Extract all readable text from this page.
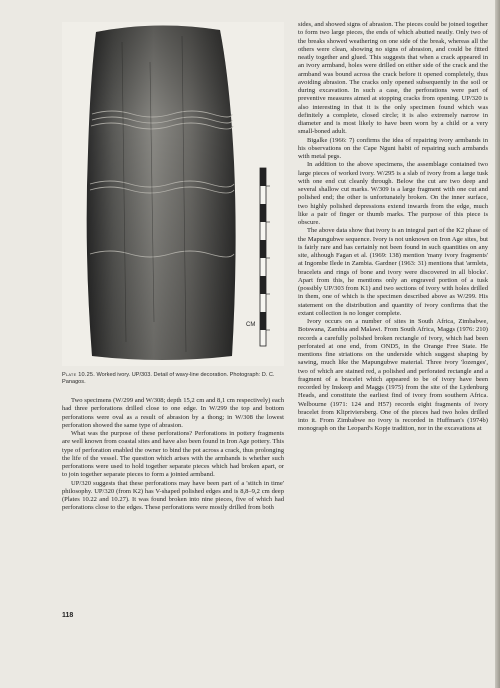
CM
Plate 10.25. Worked ivory. UP/303. Detail of wavy-line decoration. Photograph: D. C. Panagos.

Two specimens (W/299 and W/308; depth 15,2 cm and 8,1 cm respectively) each had three perforations drilled close to one edge. In W/299 the top and bottom perforations were oval as a result of abrasion by a thong; in W/308 the lowest perforation showed the same type of abrasion.

What was the purpose of these perforations? Perforations in pottery fragments are well known from coastal sites and have also been found in Iron Age pottery. This type of perforation enabled the owner to bind the pot across a crack, thus prolonging the life of the vessel. The question which arises with the armbands is whether such perforations were used to hold together separate pieces which had broken apart, or to join together separate pieces to form a jointed armband.

UP/320 suggests that these perforations may have been part of a 'stitch in time' philosophy. UP/320 (from K2) has V-shaped polished edges and is 8,8–9,2 cm deep (Plates 10.22 and 10.27). It was found broken into nine pieces, five of which had perforations close to the edges. These perforations were mostly drilled from both

sides, and showed signs of abrasion. The pieces could be joined together to form two large pieces, the ends of which abutted neatly. Only two of the breaks showed weathering on one side of the break, whereas all the others were clean, showing no signs of abrasion, and could be fitted neatly together and glued. This suggests that when a crack appeared in an ivory armband, holes were drilled on either side of the crack and the armband was bound across the crack before it opened completely, thus avoiding abrasion. The cracks only opened subsequently in the soil or during excavation. In such a case, the perforations were part of preventive measures aimed at stopping cracks from opening. UP/320 is also interesting in that it is the only specimen found which was definitely a complete, closed circle; it is also extremely narrow in diameter and is most likely to have been worn by a child or a very small-boned adult.

Bigalke (1966: 7) confirms the idea of repairing ivory armbands in his observations on the Cape Nguni habit of repairing such armbands with metal pegs.

In addition to the above specimens, the assemblage contained two large pieces of worked ivory. W/295 is a slab of ivory from a large tusk with one end cut cleanly through. Below the cut are two deep and several shallow cut marks. W/309 is a large fragment with one cut and polished end; the other is unfortunately broken. On the inner surface, two highly polished depressions extend inwards from the edge, much like a pair of finger or thumb marks. The purpose of this piece is obscure.

The above data show that ivory is an integral part of the K2 phase of the Mapungubwe sequence. Ivory is not unknown on Iron Age sites, but is fairly rare and has certainly not been found in such quantities on any site, although Fagan et al. (1969: 138) mention 'many ivory fragments' at Ingombe Ilede in Zambia. Gardner (1963: 31) mentions that 'armlets, bracelets and rings of bone and ivory were discovered in all blocks'. Apart from this, he mentions only an engraved portion of a tusk (possibly UP/303 from K1) and two sections of ivory with holes drilled in them, one of which is the specimen described above as W/299. His statement on the distribution and quantity of ivory confirms that the extant collection is no longer complete.

Ivory occurs on a number of sites in South Africa, Zimbabwe, Botswana, Zambia and Malawi. From South Africa, Maggs (1976: 210) records a carefully polished broken rectangle of ivory, which had been perforated at one end, from OND5, in the Orange Free State. He mentions fine striations on the underside which suggest shaping by sawing, much like the Mapungubwe material. Three ivory 'lozenges', two of which are stained red, a polished and perforated rectangle and a fragment of a bracelet which appeared to be of ivory have been recorded by Inskeep and Maggs (1975) from the site of the Lydenburg Heads, and constitute the earliest find of ivory from southern Africa. Welbourne (1971: 124 and H57) records eight fragments of ivory bracelet from Klipriviersberg. One of the pieces had two holes drilled into it. From Zimbabwe no ivory is recorded in Huffman's (1974b) monograph on the Leopard's Kopje tradition, nor in the excavations at

118
